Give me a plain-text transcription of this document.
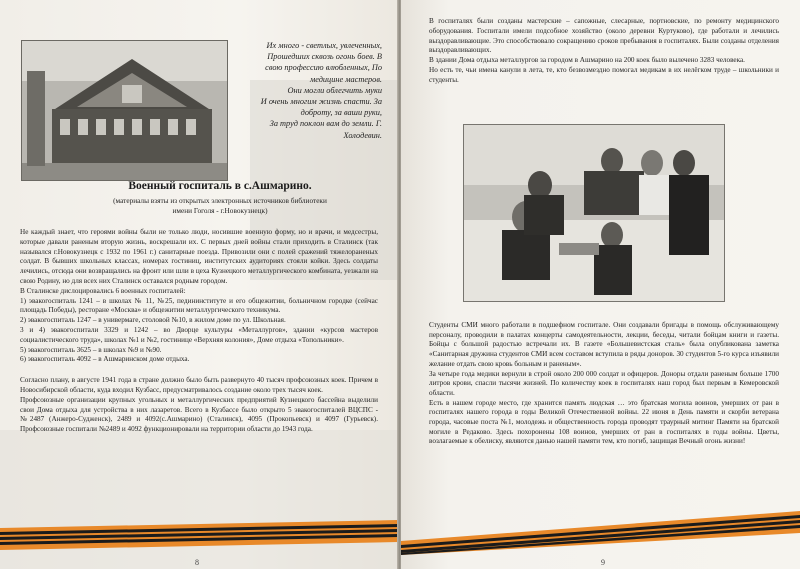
Их много - светлых, увлеченных,
Прошедших сквозь огонь боев. В
свою профессию влюбленных, По
медицине мастеров.
Они могли облегчить муки
И очень многим жизнь спасти. За
доброту, за ваши руки,
За труд поклон вам до земли. Г.
Холодевин.
Военный госпиталь в с.Ашмарино.
(материалы взяты из открытых электронных источников библиотеки
имени Гоголя - г.Новокузнецк)

Не каждый знает, что героями войны были не только люди, носившие военную форму, но и врачи, и медсестры, которые давали раненым вторую жизнь, воскрешали их. С первых дней войны стали приходить в Сталинск (так назывался г.Новокузнецк с 1932 по 1961 г.) санитарные поезда. Привозили они с полей сражений тяжелораненых солдат. В бывших школьных классах, номерах гостиниц, институтских аудиториях стояли койки. Здесь солдаты лечились, отсюда они возвращались на фронт или шли в цеха Кузнецкого металлургического комбината, уезжали на свою Родину, но для всех них Сталинск оставался родным городом.

В Сталинске дислоцировались 6 военных госпиталей:

1) эвакогоспиталь 1241 – в школах № 11, №25, педининституте и его общежитии, больничном городке (сейчас площадь Победы), ресторане «Москва» и общежитии металлургического техникума.

2) эвакогоспиталь 1247 – в универмаге, столовой №10, в жилом доме по ул. Школьная.

3 и 4) эвакогоспитали 3329 и 1242 – во Дворце культуры «Металлургов», здании «курсов мастеров социалистического труда», школах №1 и №2, гостинице «Верхняя колония», Доме отдыха «Топольники».

5) эвакогоспиталь 3625 – в школах №9 и №90.

6) эвакогоспиталь 4092 – в Ашмаринском доме отдыха.

Согласно плану, в августе 1941 года в стране должно было быть развернуто 40 тысяч профсоюзных коек. Причем в Новосибирской области, куда входил Кузбасс, предусматривалось создание около трех тысяч коек.

Профсоюзные организации крупных угольных и металлургических предприятий Кузнецкого бассейна выделили свои Дома отдыха для устройства в них лазаретов. Всего в Кузбассе было открыто 5 эвакогоспиталей ВЦСПС - №2487 (Анжеро-Судженск), 2489 и 4092(с.Ашмарино) (Сталинск), 4095 (Прокопьевск) и 4097 (Гурьевск). Профсоюзные госпитали №2489 и 4092 функционировали на территории области до 1943 года.

8

В госпиталях были созданы мастерские – сапожные, слесарные, портновские, по ремонту медицинского оборудования. Госпитали имели подсобное хозяйство (около деревни Куртуково), где работали и лечились выздоравливающие. Это способствовало сокращению сроков пребывания в госпиталях. Были созданы отделения выздоравливающих.

В здании Дома отдыха металлургов за городом в Ашмарино на 200 коек было вылечено 3283 человека.

Но есть те, чьи имена канули в лета, те, кто безвозмездно помогал медикам в их нелёгком труде – школьники и студенты.

Студенты СМИ много работали в подшефном госпитале. Они создавали бригады в помощь обслуживающему персоналу, проводили в палатах концерты самодеятельности, лекции, беседы, читали бойцам книги и газеты. Бойцы с большой радостью встречали их. В газете «Большевистская сталь» была опубликована заметка «Санитарная дружина студентов СМИ всем составом вступила в ряды доноров. 30 студентов 5-го курса изъявили желание отдать свою кровь больным и раненым».

За четыре года медики вернули в строй около 200 000 солдат и офицеров. Доноры отдали раненым больше 1700 литров крови, спасли тысячи жизней. По количеству коек в госпиталях наш город был первым в Кемеровской области.

Есть в нашем городе место, где хранится память людская … это братская могила воинов, умерших от ран в госпиталях нашего города в годы Великой Отечественной войны. 22 июня в День памяти и скорби ветерана города, часовые поста №1, молодежь и общественность города проводят траурный митинг Памяти на братской могиле в Редаково. Здесь похоронены 108 воинов, умерших от ран в госпиталях в годы войны. Цветы, возлагаемые к обелиску, являются данью нашей памяти тем, кто погиб, защищая Вечный огонь жизни!

9
